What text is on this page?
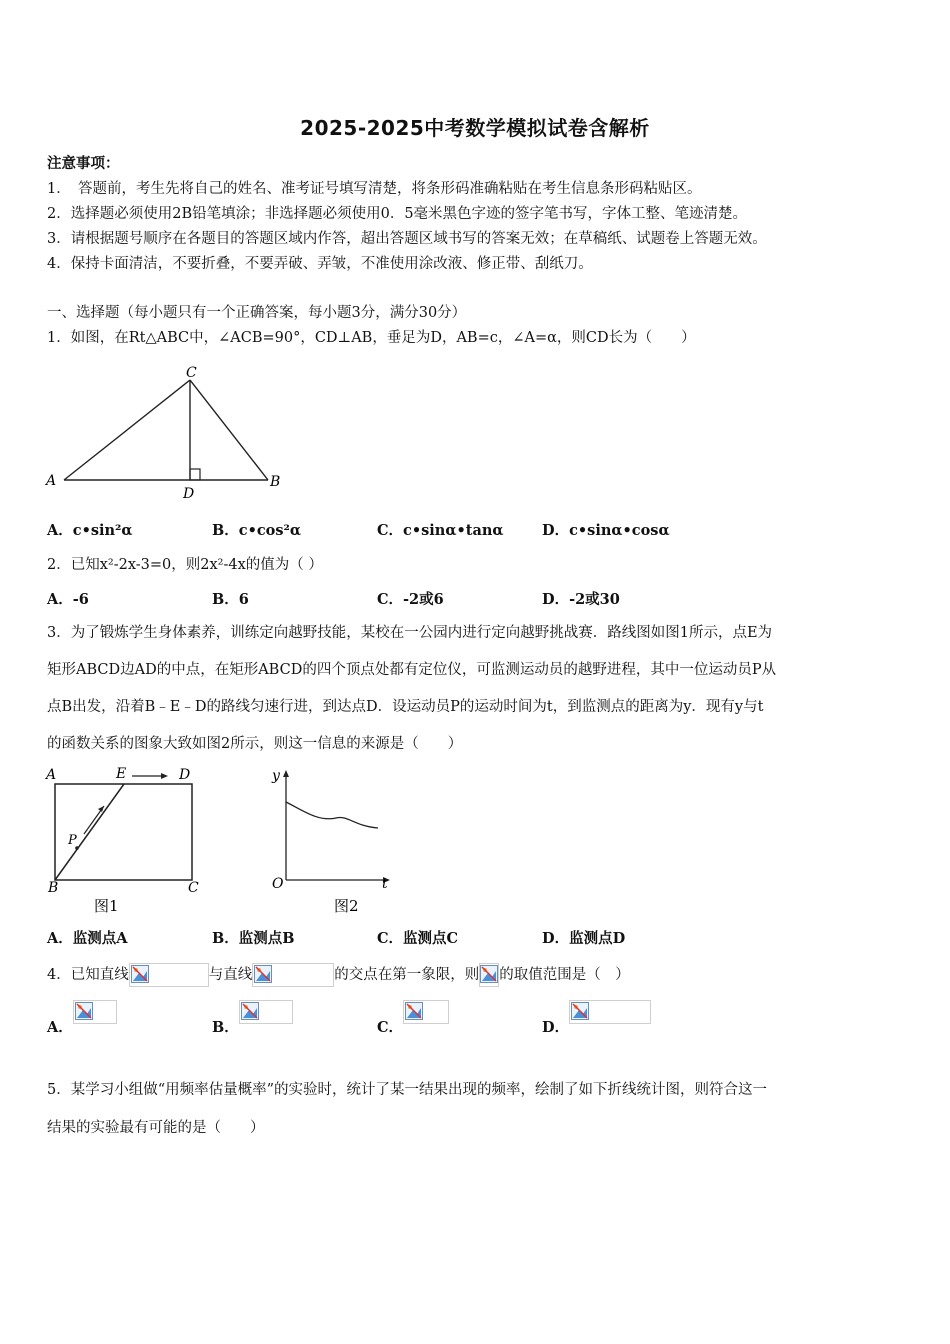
2025-2025中考数学模拟试卷含解析
注意事项：
1．　答题前，考生先将自己的姓名、准考证号填写清楚，将条形码准确粘贴在考生信息条形码粘贴区。
2．选择题必须使用2B铅笔填涂；非选择题必须使用0．5毫米黑色字迹的签字笔书写，字体工整、笔迹清楚。
3．请根据题号顺序在各题目的答题区域内作答，超出答题区域书写的答案无效；在草稿纸、试题卷上答题无效。
4．保持卡面清洁，不要折叠，不要弄破、弄皱，不准使用涂改液、修正带、刮纸刀。
一、选择题（每小题只有一个正确答案，每小题3分，满分30分）
1．如图，在Rt△ABC中，∠ACB=90°，CD⊥AB，垂足为D，AB=c，∠A=α，则CD长为（　　）
A	B
C
D
A．c•sin²α	B．c•cos²α	C．c•sinα•tanα	D．c•sinα•cosα
2．已知x²-2x-3=0，则2x²-4x的值为（ ）
A．-6	B．6	C．-2或6	D．-2或30
3．为了锻炼学生身体素养，训练定向越野技能，某校在一公园内进行定向越野挑战赛．路线图如图1所示，点E为
矩形ABCD边AD的中点，在矩形ABCD的四个顶点处都有定位仪，可监测运动员的越野进程，其中一位运动员P从
点B出发，沿着B﹣E﹣D的路线匀速行进，到达点D．设运动员P的运动时间为t，到监测点的距离为y．现有y与t
的函数关系的图象大致如图2所示，则这一信息的来源是（　　）
A	E	D
B	C
P
图1
y
O	t
图2
A．监测点A	B．监测点B	C．监测点C	D．监测点D
4．已知直线	与直线	的交点在第一象限，则 的取值范围是（　）
A．	B．	C．	D．
5．某学习小组做“用频率估量概率”的实验时，统计了某一结果出现的频率，绘制了如下折线统计图，则符合这一
结果的实验最有可能的是（　　）
